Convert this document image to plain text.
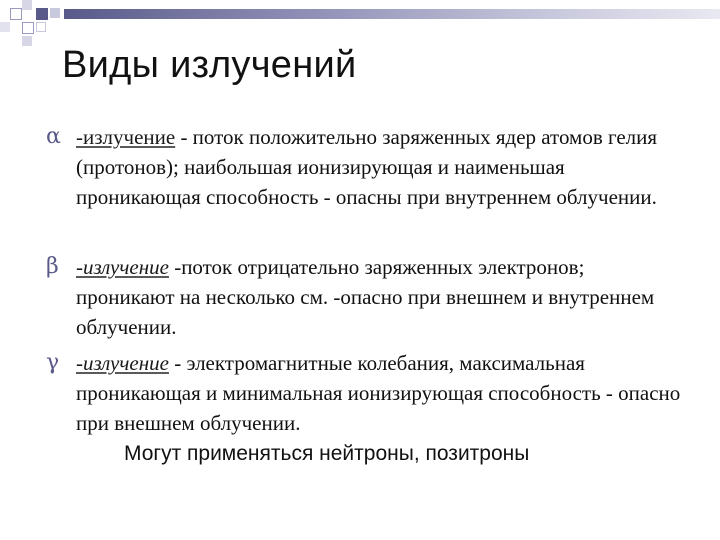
Виды излучений
α -излучение - поток положительно заряженных ядер атомов гелия (протонов); наибольшая ионизирующая и наименьшая проникающая способность - опасны при внутреннем облучении.
β -излучение -поток отрицательно заряженных электронов; проникают на несколько см. -опасно при внешнем и внутреннем облучении.
γ -излучение - электромагнитные колебания, максимальная проникающая и минимальная ионизирующая способность - опасно при внешнем облучении.
Могут применяться нейтроны, позитроны
